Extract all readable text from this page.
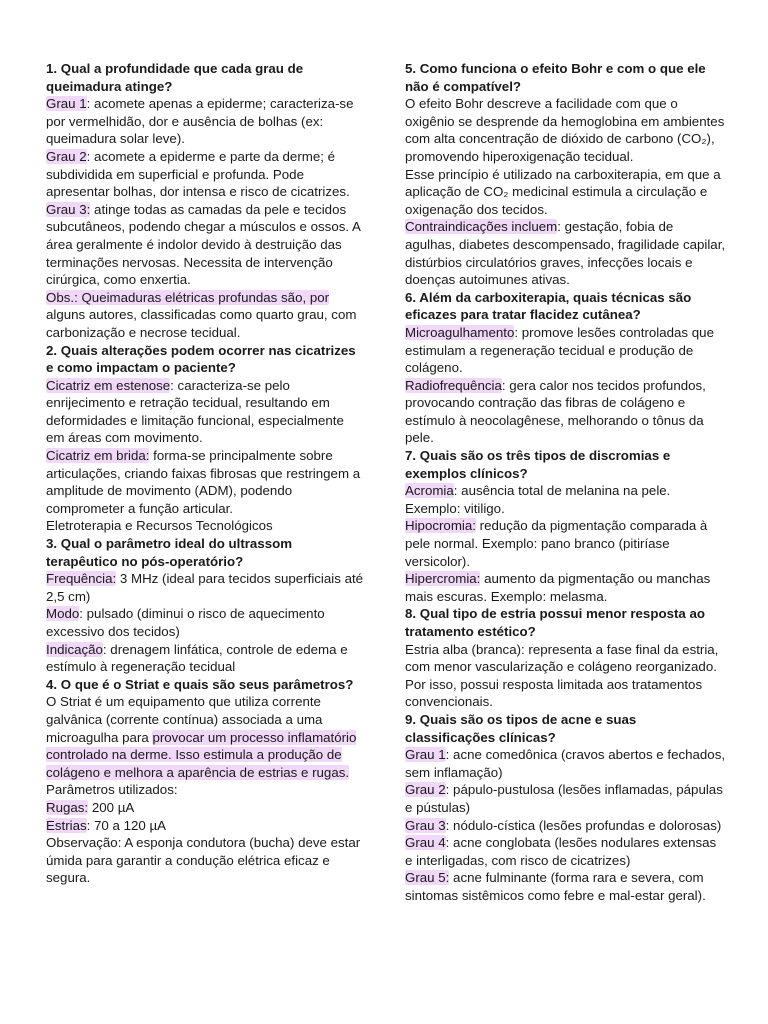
1. Qual a profundidade que cada grau de queimadura atinge?
Grau 1: acomete apenas a epiderme; caracteriza-se por vermelhidão, dor e ausência de bolhas (ex: queimadura solar leve).
Grau 2: acomete a epiderme e parte da derme; é subdividida em superficial e profunda. Pode apresentar bolhas, dor intensa e risco de cicatrizes.
Grau 3: atinge todas as camadas da pele e tecidos subcutâneos, podendo chegar a músculos e ossos. A área geralmente é indolor devido à destruição das terminações nervosas. Necessita de intervenção cirúrgica, como enxertia.
Obs.: Queimaduras elétricas profundas são, por alguns autores, classificadas como quarto grau, com carbonização e necrose tecidual.
2. Quais alterações podem ocorrer nas cicatrizes e como impactam o paciente?
Cicatriz em estenose: caracteriza-se pelo enrijecimento e retração tecidual, resultando em deformidades e limitação funcional, especialmente em áreas com movimento.
Cicatriz em brida: forma-se principalmente sobre articulações, criando faixas fibrosas que restringem a amplitude de movimento (ADM), podendo comprometer a função articular.
Eletroterapia e Recursos Tecnológicos
3. Qual o parâmetro ideal do ultrassom terapêutico no pós-operatório?
Frequência: 3 MHz (ideal para tecidos superficiais até 2,5 cm)
Modo: pulsado (diminui o risco de aquecimento excessivo dos tecidos)
Indicação: drenagem linfática, controle de edema e estímulo à regeneração tecidual
4. O que é o Striat e quais são seus parâmetros?
O Striat é um equipamento que utiliza corrente galvânica (corrente contínua) associada a uma microagulha para provocar um processo inflamatório controlado na derme. Isso estimula a produção de colágeno e melhora a aparência de estrias e rugas.
Parâmetros utilizados:
Rugas: 200 µA
Estrias: 70 a 120 µA
Observação: A esponja condutora (bucha) deve estar úmida para garantir a condução elétrica eficaz e segura.
5. Como funciona o efeito Bohr e com o que ele não é compatível?
O efeito Bohr descreve a facilidade com que o oxigênio se desprende da hemoglobina em ambientes com alta concentração de dióxido de carbono (CO₂), promovendo hiperoxigenação tecidual.
Esse princípio é utilizado na carboxiterapia, em que a aplicação de CO₂ medicinal estimula a circulação e oxigenação dos tecidos.
Contraindicações incluem: gestação, fobia de agulhas, diabetes descompensado, fragilidade capilar, distúrbios circulatórios graves, infecções locais e doenças autoimunes ativas.
6. Além da carboxiterapia, quais técnicas são eficazes para tratar flacidez cutânea?
Microagulhamento: promove lesões controladas que estimulam a regeneração tecidual e produção de colágeno.
Radiofrequência: gera calor nos tecidos profundos, provocando contração das fibras de colágeno e estímulo à neocolagênese, melhorando o tônus da pele.
7. Quais são os três tipos de discromias e exemplos clínicos?
Acromia: ausência total de melanina na pele. Exemplo: vitiligo.
Hipocromia: redução da pigmentação comparada à pele normal. Exemplo: pano branco (pitiríase versicolor).
Hipercromia: aumento da pigmentação ou manchas mais escuras. Exemplo: melasma.
8. Qual tipo de estria possui menor resposta ao tratamento estético?
Estria alba (branca): representa a fase final da estria, com menor vascularização e colágeno reorganizado. Por isso, possui resposta limitada aos tratamentos convencionais.
9. Quais são os tipos de acne e suas classificações clínicas?
Grau 1: acne comedônica (cravos abertos e fechados, sem inflamação)
Grau 2: pápulo-pustulosa (lesões inflamadas, pápulas e pústulas)
Grau 3: nódulo-cística (lesões profundas e dolorosas)
Grau 4: acne conglobata (lesões nodulares extensas e interligadas, com risco de cicatrizes)
Grau 5: acne fulminante (forma rara e severa, com sintomas sistêmicos como febre e mal-estar geral).
